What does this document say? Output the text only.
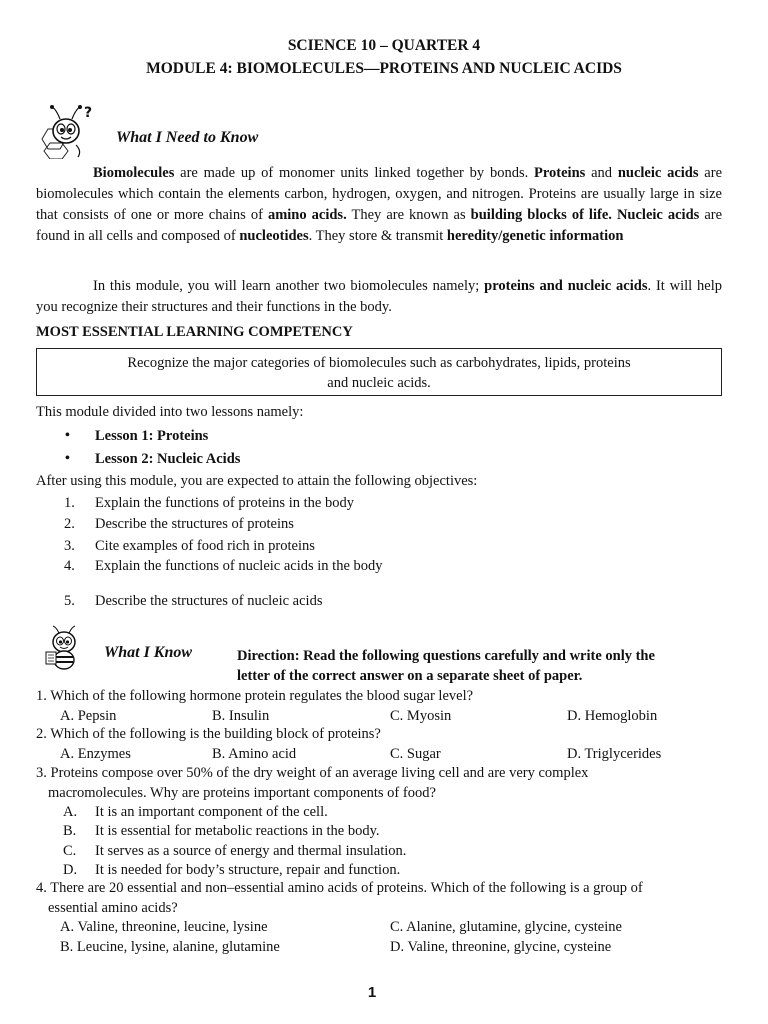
SCIENCE 10 – QUARTER 4
MODULE 4: BIOMOLECULES—PROTEINS AND NUCLEIC ACIDS
?
What I Need to Know
Biomolecules are made up of monomer units linked together by bonds. Proteins and nucleic acids are biomolecules which contain the elements carbon, hydrogen, oxygen, and nitrogen. Proteins are usually large in size that consists of one or more chains of amino acids. They are known as building blocks of life. Nucleic acids are found in all cells and composed of nucleotides. They store & transmit heredity/genetic information
In this module, you will learn another two biomolecules namely; proteins and nucleic acids. It will help you recognize their structures and their functions in the body.
MOST ESSENTIAL LEARNING COMPETENCY
Recognize the major categories of biomolecules such as carbohydrates, lipids, proteins
and nucleic acids.
This module divided into two lessons namely:
• Lesson 1: Proteins
• Lesson 2: Nucleic Acids
After using this module, you are expected to attain the following objectives:
1. Explain the functions of proteins in the body
2. Describe the structures of proteins
3. Cite examples of food rich in proteins
4. Explain the functions of nucleic acids in the body
5. Describe the structures of nucleic acids
What I Know	Direction: Read the following questions carefully and write only the
letter of the correct answer on a separate sheet of paper.
1. Which of the following hormone protein regulates the blood sugar level?
A. Pepsin	B. Insulin	C. Myosin	D. Hemoglobin
2. Which of the following is the building block of proteins?
A. Enzymes	B. Amino acid	C. Sugar	D. Triglycerides
3. Proteins compose over 50% of the dry weight of an average living cell and are very complex
macromolecules. Why are proteins important components of food?
A. It is an important component of the cell.
B. It is essential for metabolic reactions in the body.
C. It serves as a source of energy and thermal insulation.
D. It is needed for body’s structure, repair and function.
4. There are 20 essential and non–essential amino acids of proteins. Which of the following is a group of
essential amino acids?
A. Valine, threonine, leucine, lysine	C. Alanine, glutamine, glycine, cysteine
B. Leucine, lysine, alanine, glutamine	D. Valine, threonine, glycine, cysteine
1
